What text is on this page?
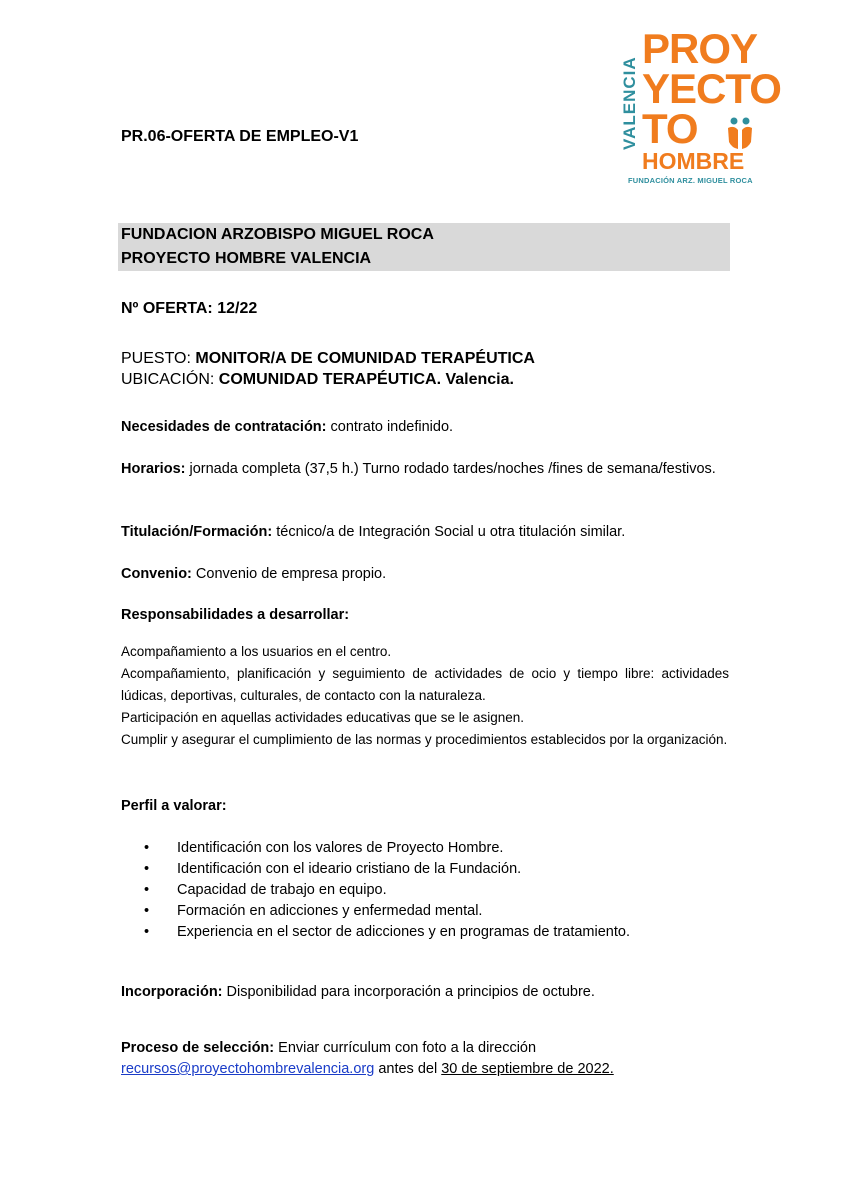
VALENCIA
PROY
YECTO
TO
HOMBRE
FUNDACIÓN ARZ. MIGUEL ROCA
PR.06-OFERTA DE EMPLEO-V1
FUNDACION ARZOBISPO MIGUEL ROCA
PROYECTO HOMBRE VALENCIA
Nº OFERTA: 12/22
PUESTO: MONITOR/A DE COMUNIDAD TERAPÉUTICA
UBICACIÓN: COMUNIDAD TERAPÉUTICA. Valencia.
Necesidades de contratación: contrato indefinido.
Horarios: jornada completa (37,5 h.) Turno rodado tardes/noches /fines de semana/festivos.
Titulación/Formación: técnico/a de Integración Social u otra titulación similar.
Convenio: Convenio de empresa propio.
Responsabilidades a desarrollar:

Acompañamiento a los usuarios en el centro.

Acompañamiento, planificación y seguimiento de actividades de ocio y tiempo libre: actividades lúdicas, deportivas, culturales, de contacto con la naturaleza.

Participación en aquellas actividades educativas que se le asignen.

Cumplir y asegurar el cumplimiento de las normas y procedimientos establecidos por la organización.

Perfil a valorar:
• Identificación con los valores de Proyecto Hombre.
• Identificación con el ideario cristiano de la Fundación.
• Capacidad de trabajo en equipo.
• Formación en adicciones y enfermedad mental.
• Experiencia en el sector de adicciones y en programas de tratamiento.
Incorporación: Disponibilidad para incorporación a principios de octubre.
Proceso de selección: Enviar currículum con foto a la dirección
recursos@proyectohombrevalencia.org antes del 30 de septiembre de 2022.
